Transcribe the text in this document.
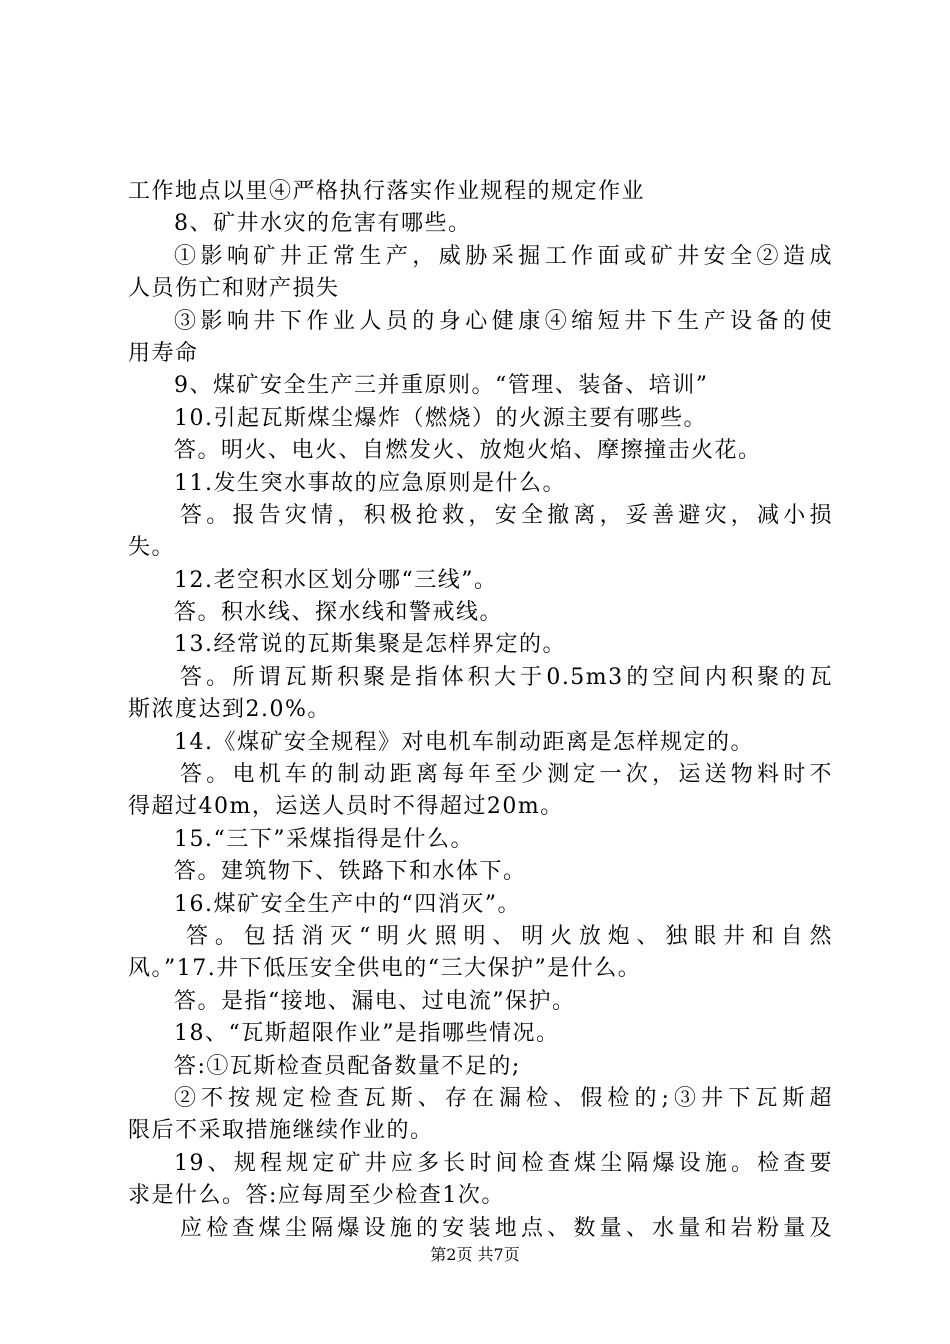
工作地点以里④严格执行落实作业规程的规定作业
8、矿井水灾的危害有哪些。
①影响矿井正常生产，威胁采掘工作面或矿井安全②造成
人员伤亡和财产损失
③影响井下作业人员的身心健康④缩短井下生产设备的使
用寿命
9、煤矿安全生产三并重原则。“管理、装备、培训”
10.引起瓦斯煤尘爆炸（燃烧）的火源主要有哪些。
答。明火、电火、自燃发火、放炮火焰、摩擦撞击火花。
11.发生突水事故的应急原则是什么。
答。报告灾情，积极抢救，安全撤离，妥善避灾，减小损
失。
12.老空积水区划分哪“三线”。
答。积水线、探水线和警戒线。
13.经常说的瓦斯集聚是怎样界定的。
答。所谓瓦斯积聚是指体积大于0.5m3的空间内积聚的瓦
斯浓度达到2.0%。
14.《煤矿安全规程》对电机车制动距离是怎样规定的。
答。电机车的制动距离每年至少测定一次，运送物料时不
得超过40m，运送人员时不得超过20m。
15.“三下”采煤指得是什么。
答。建筑物下、铁路下和水体下。
16.煤矿安全生产中的“四消灭”。
答。包括消灭“明火照明、明火放炮、独眼井和自然
风。”17.井下低压安全供电的“三大保护”是什么。
答。是指“接地、漏电、过电流”保护。
18、“瓦斯超限作业”是指哪些情况。
答:①瓦斯检查员配备数量不足的;
②不按规定检查瓦斯、存在漏检、假检的;③井下瓦斯超
限后不采取措施继续作业的。
19、规程规定矿井应多长时间检查煤尘隔爆设施。检查要
求是什么。答:应每周至少检查1次。
应检查煤尘隔爆设施的安装地点、数量、水量和岩粉量及
第2页 共7页
